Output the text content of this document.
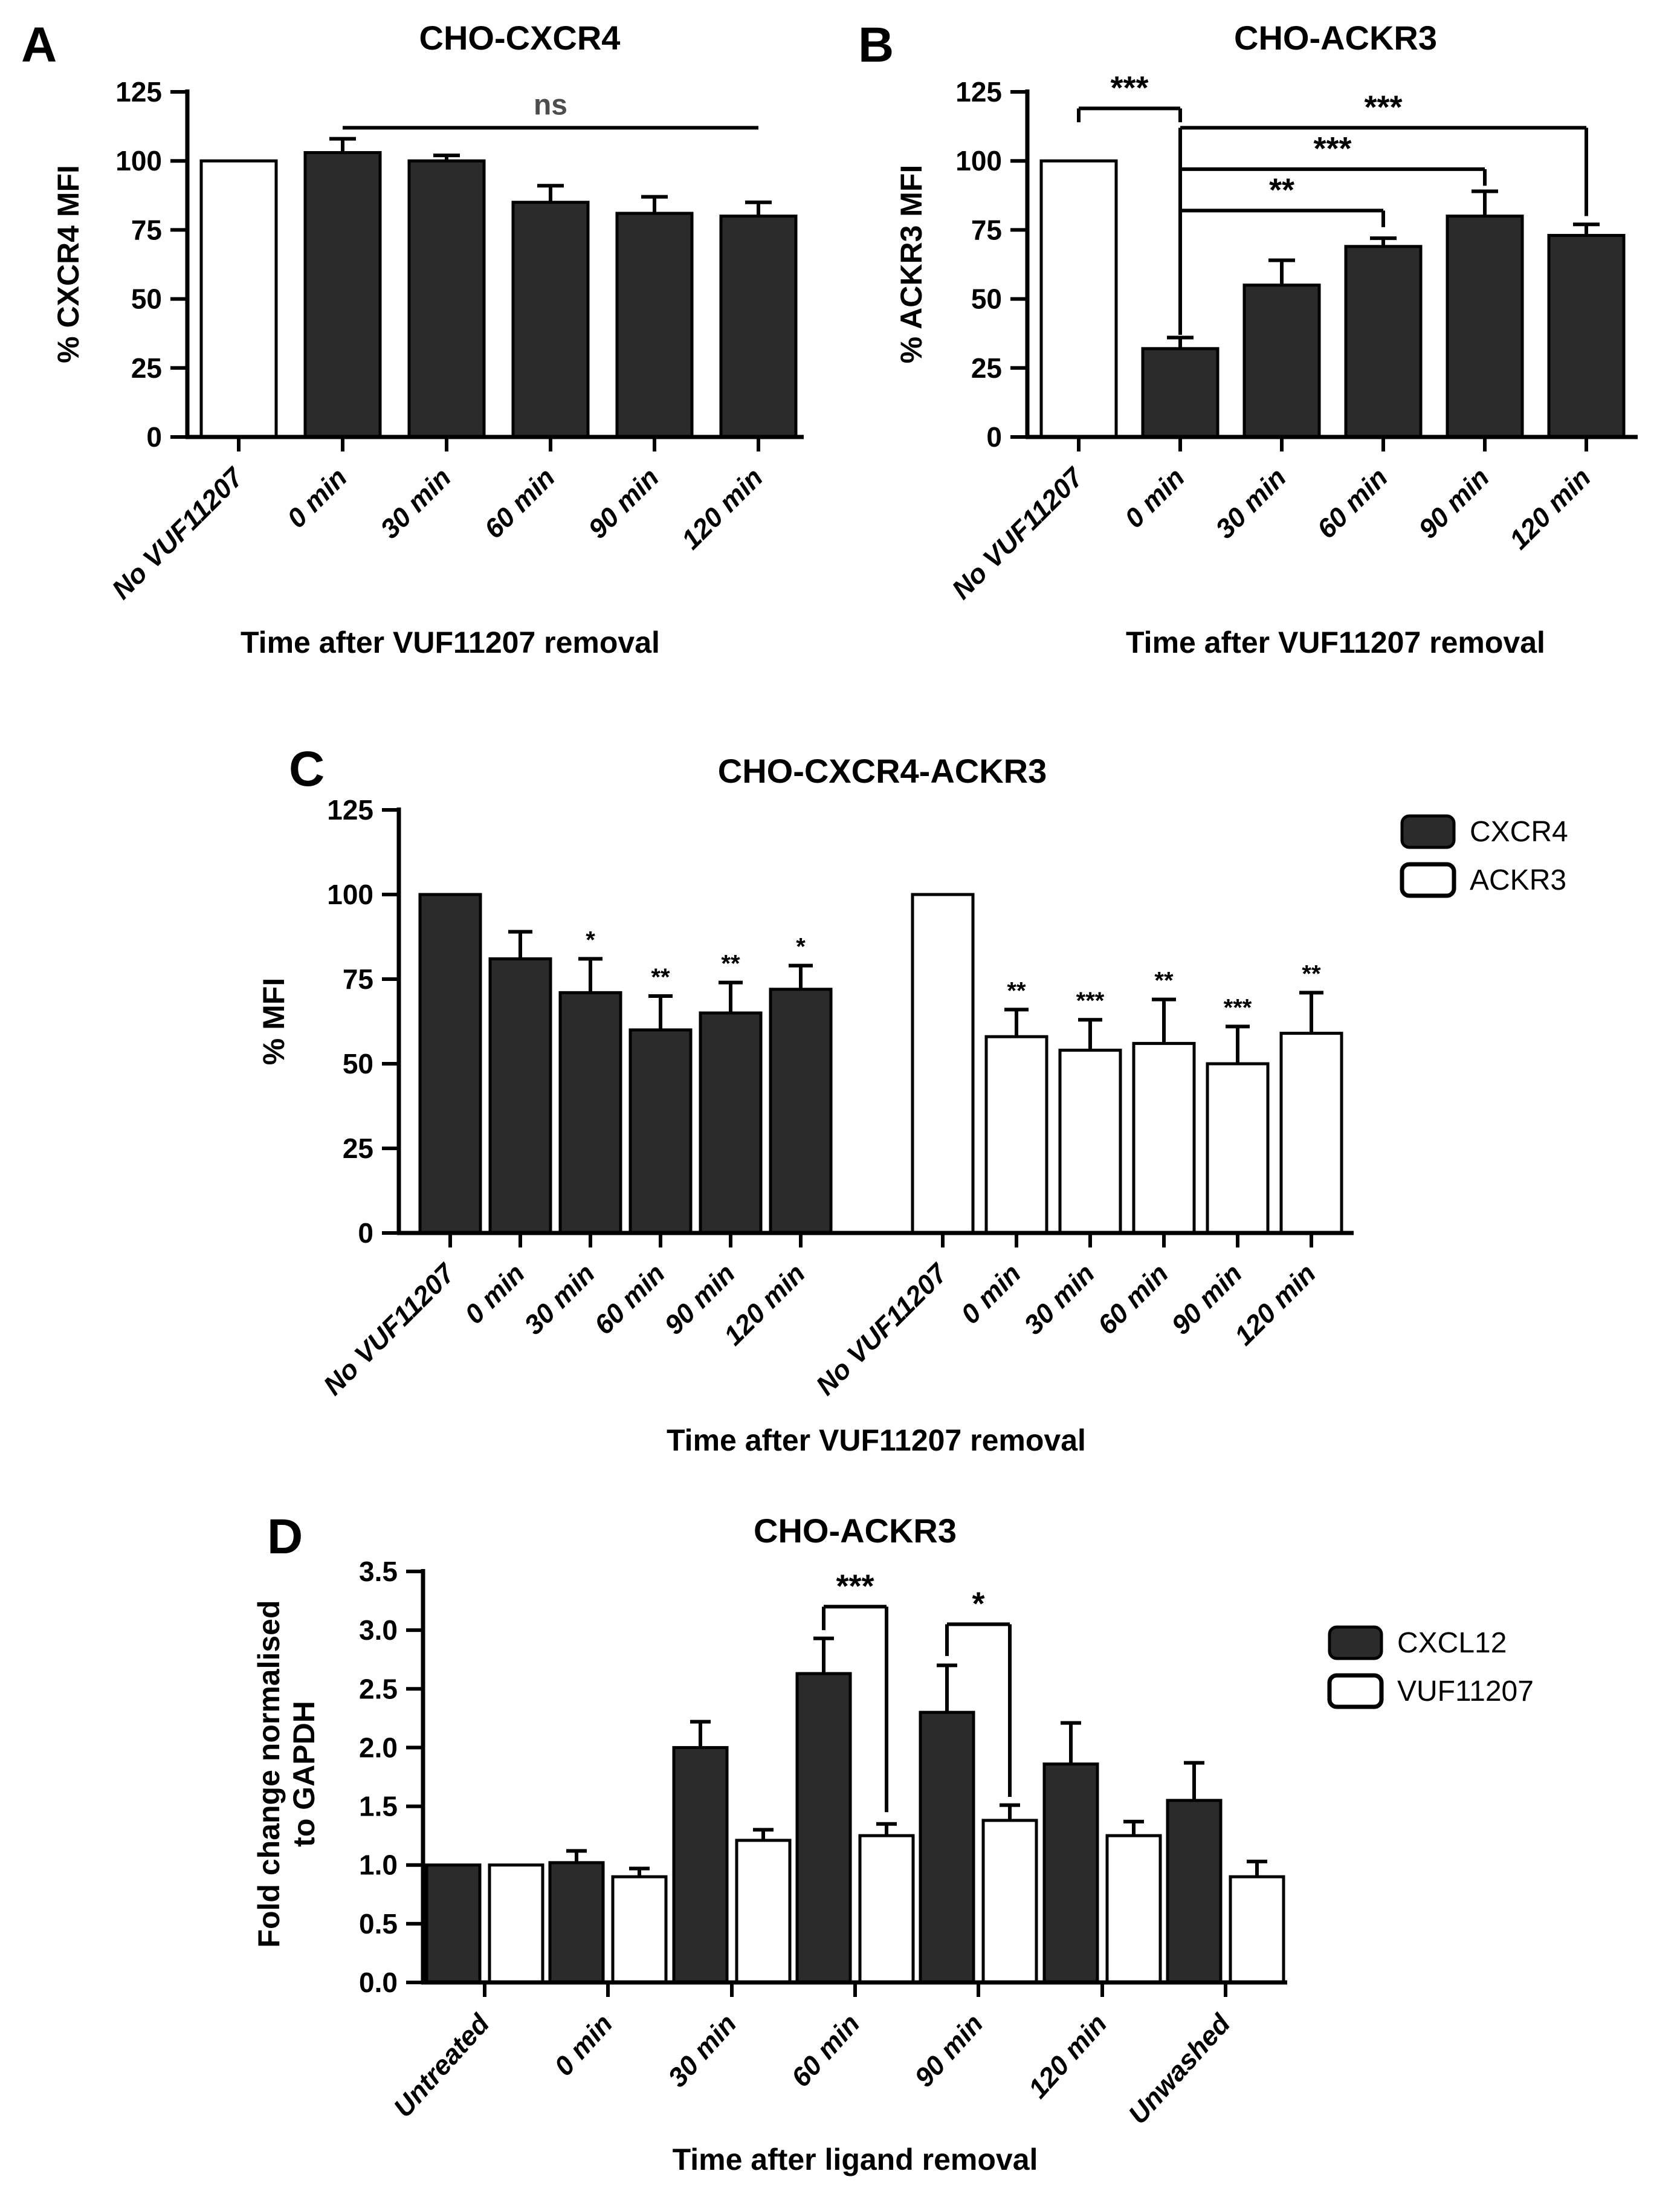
0
25
50
75
100
125
No VUF11207 0 min 30 min 60 min 90 min 120 min
ns
0
25
50
75
100
125
No VUF11207 0 min 30 min 60 min 90 min 120 min
***
***
***
**
*
**
**
*
** ***
**
***
**
0
25
50
75
100
125
No VUF11207
0 min
30 min
60 min
90 min
120 min
No VUF11207 0 min
30 min
60 min
90 min
120 min
0.0
0.5
1.0
1.5
2.0
2.5
3.0
3.5
Untreated 0 min 30 min 60 min 90 min 120 min Unwashed
***	*
A	CHO-CXCR4
% CXCR4 MFI
Time after VUF11207 removal
B	CHO-ACKR3
% ACKR3 MFI
Time after VUF11207 removal
C	CHO-CXCR4-ACKR3
% MFI
Time after VUF11207 removal
CXCR4
ACKR3
D	CHO-ACKR3
Fold change normalised to GAPDH
Time after ligand removal
CXCL12
VUF11207
